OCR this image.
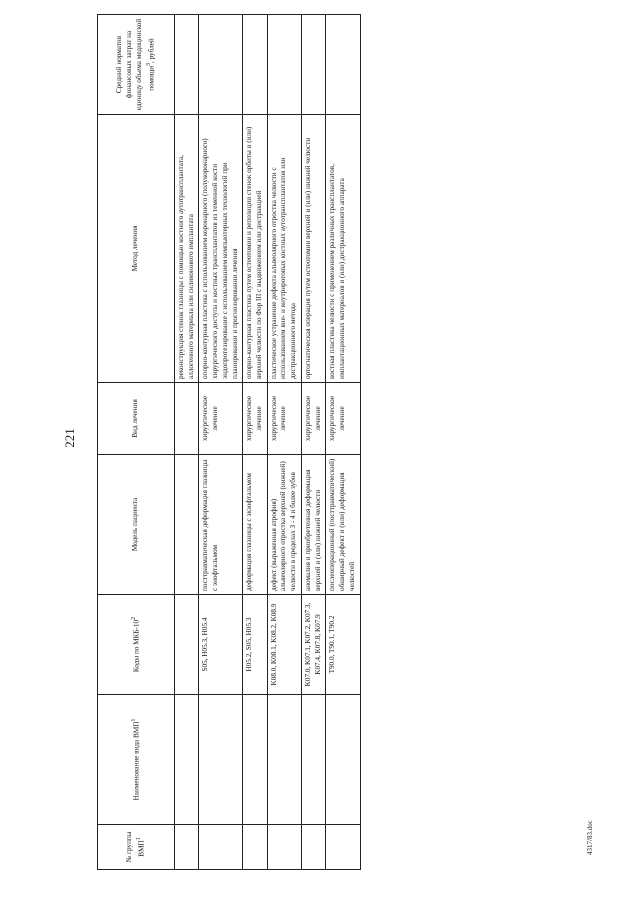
221
№ группы ВМП$^1$	Наименование вида ВМП$^1$	Коды по МКБ-$10^2$	Модель пациента	Вид лечения	Метод лечения	Средний норматив финансовых затрат на единицу объема медицинской помощи$^3$, рублей

					реконструкция стенок глазницы с помощью костного аутотрансплантата, аллогенного материала или силиконового имплантата	

		S05, H05.3, H05.4	посттравматическая деформация глазницы с энофтальмом	хирургическое лечение	опорно-контурная пластика с использованием коронарного (полукоронарного) хирургического доступа и костных трансплантатов из теменной кости эндопротезирование с использованием компьютерных технологий при планировании и прогнозировании лечения	

		H05.2, S05, H05.3	деформация глазницы с экзофтальмом	хирургическое лечение	опорно-контурная пластика путем остеотомии и репозиции стенок орбиты и (или) верхней челюсти по Фор III с выдвижением или дистракцией	

		K08.0, K08.1, K08.2, K08.9	дефект (выраженная атрофия) альвеолярного отростка верхней (нижней) челюсти в пределах 3 - 4 и более зубов	хирургическое лечение	пластическое устранение дефекта альвеолярного отростка челюсти с использованием вне- и внутриротовых костных аутотрансплантатов или дистракционного метода	

		K07.0, K07.1, K07.2, K07.3, K07.4, K07.8, K07.9	аномалия и приобретенная деформация верхней и (или) нижней челюсти	хирургическое лечение	ортогнатическая операция путем остеотомии верхней и (или) нижней челюсти	

		T90.0, T90.1, T90.2	послеоперационный (посттравматический) обширный дефект и (или) деформация челюстей	хирургическое лечение	костная пластика челюсти с применением различных трансплантатов, имплантационных материалов и (или) дистракционного аппарата	

4317/83.doc
